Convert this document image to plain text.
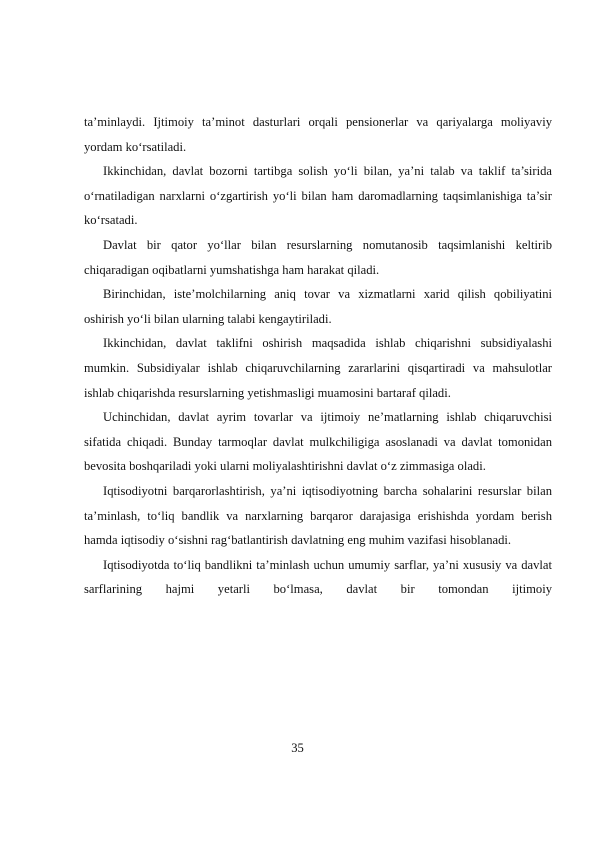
ta’minlaydi. Ijtimoiy ta’minot dasturlari orqali pensionerlar va qariyalarga moliyaviy yordam ko‘rsatiladi.

Ikkinchidan, davlat bozorni tartibga solish yo‘li bilan, ya’ni talab va taklif ta’sirida o‘rnatiladigan narxlarni o‘zgartirish yo‘li bilan ham daromadlarning taqsimlanishiga ta’sir ko‘rsatadi.

Davlat bir qator yo‘llar bilan resurslarning nomutanosib taqsimlanishi keltirib chiqaradigan oqibatlarni yumshatishga ham harakat qiladi.

Birinchidan, iste’molchilarning aniq tovar va xizmatlarni xarid qilish qobiliyatini oshirish yo‘li bilan ularning talabi kengaytiriladi.

Ikkinchidan, davlat taklifni oshirish maqsadida ishlab chiqarishni subsidiyalashi mumkin. Subsidiyalar ishlab chiqaruvchilarning zararlarini qisqartiradi va mahsulotlar ishlab chiqarishda resurslarning yetishmasligi muamosini bartaraf qiladi.

Uchinchidan, davlat ayrim tovarlar va ijtimoiy ne’matlarning ishlab chiqaruvchisi sifatida chiqadi. Bunday tarmoqlar davlat mulkchiligiga asoslanadi va davlat tomonidan bevosita boshqariladi yoki ularni moliyalashtirishni davlat o‘z zimmasiga oladi.

Iqtisodiyotni barqarorlashtirish, ya’ni iqtisodiyotning barcha sohalarini resurslar bilan ta’minlash, to‘liq bandlik va narxlarning barqaror darajasiga erishishda yordam berish hamda iqtisodiy o‘sishni rag‘batlantirish davlatning eng muhim vazifasi hisoblanadi.

Iqtisodiyotda to‘liq bandlikni ta’minlash uchun umumiy sarflar, ya’ni xususiy va davlat sarflarining hajmi yetarli bo‘lmasa, davlat bir tomondan ijtimoiy

35
